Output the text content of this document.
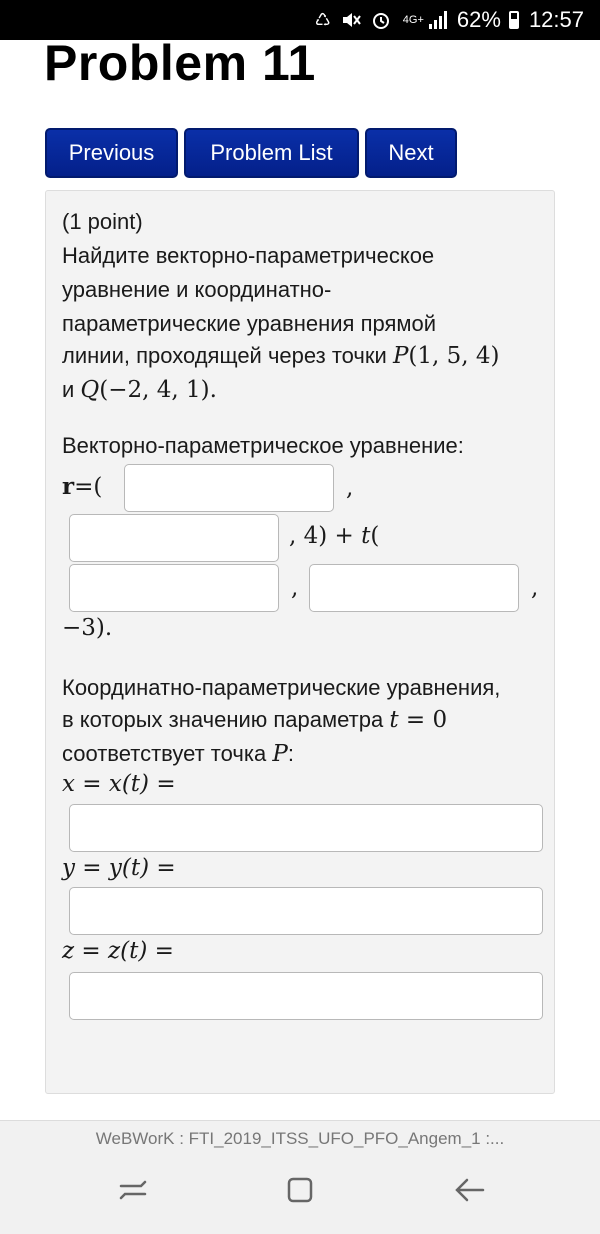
♺	4G+ 62% 12:57
Problem 11
Previous	Problem List	Next
(1 point)
Найдите векторно-параметрическое
уравнение и координатно-
параметрические уравнения прямой
линии, проходящей через точки P(1, 5, 4)
и Q(−2, 4, 1).
Векторно-параметрическое уравнение:
r=(	,
, 4) + t(
,	,
−3).
Координатно-параметрические уравнения,
в которых значению параметра t = 0
соответствует точка P:
x = x(t) =
y = y(t) =
z = z(t) =
WeBWorK : FTI_2019_ITSS_UFO_PFO_Angem_1 :...
